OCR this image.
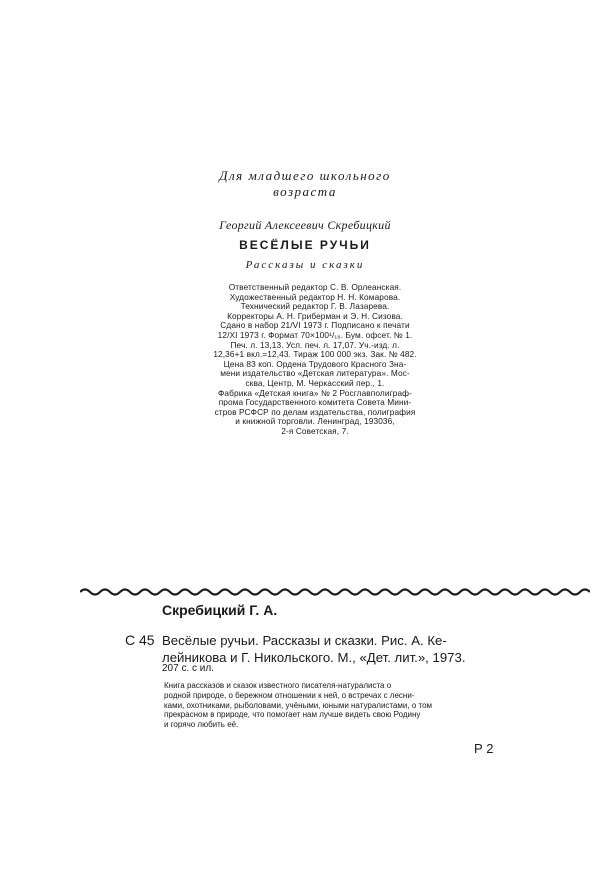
Для младшего школьного
возраста
Георгий Алексеевич Скребицкий
ВЕСЁЛЫЕ РУЧЬИ
Рассказы и сказки
Ответственный редактор С. В. Орлеанская.
Художественный редактор Н. Н. Комарова.
Технический редактор Г. В. Лазарева.
Корректоры А. Н. Гриберман и Э. Н. Сизова.
Сдано в набор 21/VI 1973 г. Подписано к печати
12/XI 1973 г. Формат 70×100¹/₁₆. Бум. офсет. № 1.
Печ. л. 13,13. Усл. печ. л. 17,07. Уч.-изд. л.
12,36+1 вкл.=12,43. Тираж 100 000 экз. Зак. № 482.
Цена 83 коп. Ордена Трудового Красного Зна-
мени издательство «Детская литература». Мос-
сква, Центр, М. Черкасский пер., 1.
Фабрика «Детская книга» № 2 Росглавполиграф-
прома Государственного комитета Совета Мини-
стров РСФСР по делам издательства, полиграфия
и книжной торговли. Ленинград, 193036,
2-я Советская, 7.
Скребицкий Г. А.
С 45 Весёлые ручьи. Рассказы и сказки. Рис. А. Ке-
лейникова и Г. Никольского. М., «Дет. лит.», 1973.
207 с. с ил.
Книга рассказов и сказок известного писателя-натуралиста о
родной природе, о бережном отношении к ней, о встречах с лесни-
ками, охотниками, рыболовами, учёными, юными натуралистами, о том
прекрасном в природе, что помогает нам лучше видеть свою Родину
и горячо любить её.
Р 2
